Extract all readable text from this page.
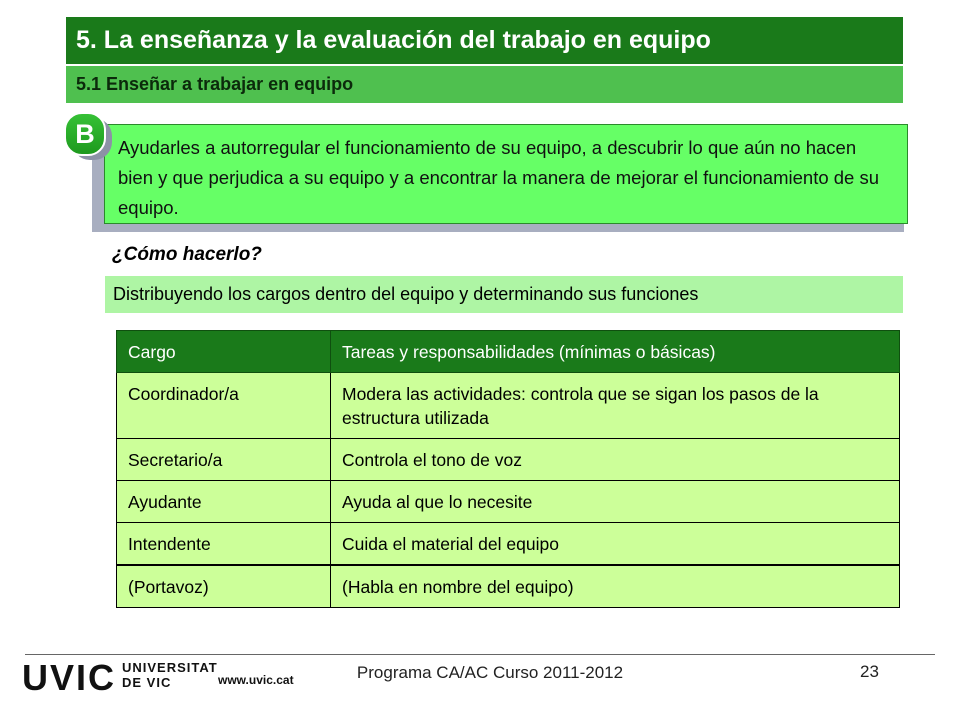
5. La enseñanza y la evaluación del trabajo en equipo
5.1 Enseñar a trabajar en equipo
Ayudarles a autorregular el funcionamiento de su equipo, a descubrir lo que aún no hacen bien y que perjudica a su equipo y a encontrar la manera de mejorar el funcionamiento de su equipo.
B
¿Cómo hacerlo?
Distribuyendo los cargos dentro del equipo y determinando sus funciones
Cargo	Tareas y responsabilidades (mínimas o básicas)
Coordinador/a	Modera las actividades: controla que se sigan los pasos de la estructura utilizada
Secretario/a	Controla el tono de voz
Ayudante	Ayuda al que lo necesite
Intendente	Cuida el material del equipo
(Portavoz)	(Habla en nombre del equipo)
UVIC UNIVERSITAT
DE VIC	www.uvic.cat	Programa CA/AC Curso 2011-2012	23
